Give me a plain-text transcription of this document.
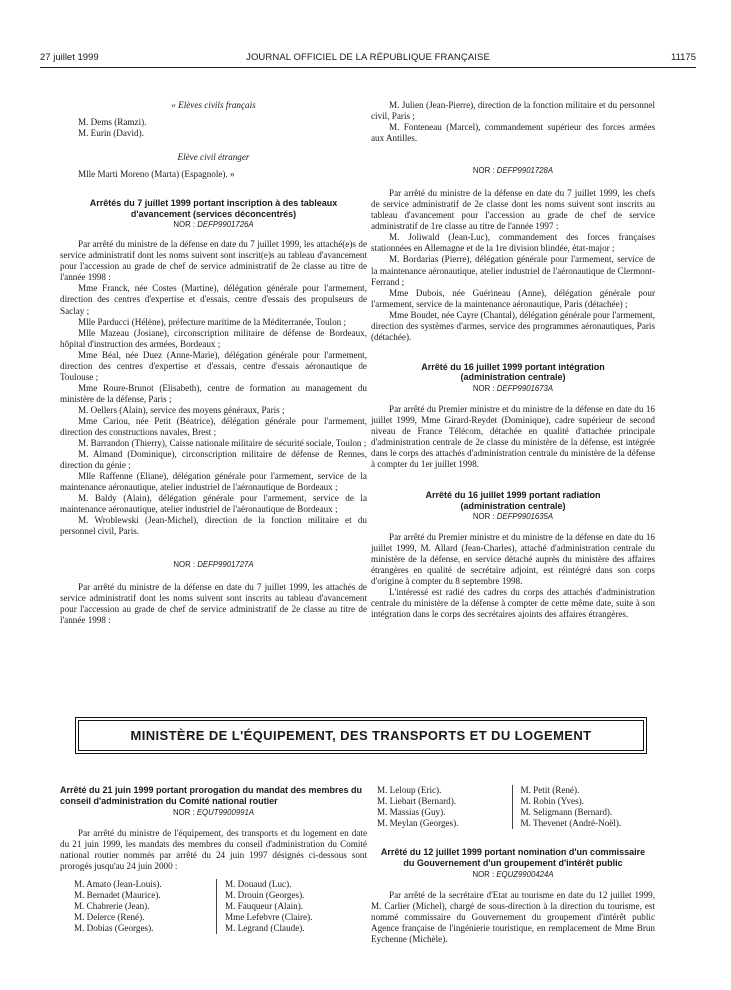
27 juillet 1999	JOURNAL OFFICIEL DE LA RÉPUBLIQUE FRANÇAISE	11175
« Elèves civils français
M. Dems (Ramzi).
M. Eurin (David).
Elève civil étranger
Mlle Marti Moreno (Marta) (Espagnole). »
Arrêtés du 7 juillet 1999 portant inscription à des tableaux d'avancement (services déconcentrés)
NOR : DEFP9901726A
Par arrêté du ministre de la défense en date du 7 juillet 1999, les attaché(e)s de service administratif dont les noms suivent sont inscrit(e)s au tableau d'avancement pour l'accession au grade de chef de service administratif de 2e classe au titre de l'année 1998 :
Mme Franck, née Costes (Martine), délégation générale pour l'armement, direction des centres d'expertise et d'essais, centre d'essais des propulseurs de Saclay ;
Mlle Parducci (Hélène), préfecture maritime de la Méditerranée, Toulon ;
Mlle Mazeau (Josiane), circonscription militaire de défense de Bordeaux, hôpital d'instruction des armées, Bordeaux ;
Mme Béal, née Duez (Anne-Marie), délégation générale pour l'armement, direction des centres d'expertise et d'essais, centre d'essais aéronautique de Toulouse ;
Mme Roure-Brunot (Elisabeth), centre de formation au management du ministère de la défense, Paris ;
M. Oellers (Alain), service des moyens généraux, Paris ;
Mme Cariou, née Petit (Béatrice), délégation générale pour l'armement, direction des constructions navales, Brest ;
M. Barrandon (Thierry), Caisse nationale militaire de sécurité sociale, Toulon ;
M. Almand (Dominique), circonscription militaire de défense de Rennes, direction du génie ;
Mlle Raffenne (Eliane), délégation générale pour l'armement, service de la maintenance aéronautique, atelier industriel de l'aéronautique de Bordeaux ;
M. Baldy (Alain), délégation générale pour l'armement, service de la maintenance aéronautique, atelier industriel de l'aéronautique de Bordeaux ;
M. Wroblewski (Jean-Michel), direction de la fonction militaire et du personnel civil, Paris.
NOR : DEFP9901727A
Par arrêté du ministre de la défense en date du 7 juillet 1999, les attachés de service administratif dont les noms suivent sont inscrits au tableau d'avancement pour l'accession au grade de chef de service administratif de 2e classe au titre de l'année 1998 :
M. Julien (Jean-Pierre), direction de la fonction militaire et du personnel civil, Paris ;
M. Fonteneau (Marcel), commandement supérieur des forces armées aux Antilles.
NOR : DEFP9901728A
Par arrêté du ministre de la défense en date du 7 juillet 1999, les chefs de service administratif de 2e classe dont les noms suivent sont inscrits au tableau d'avancement pour l'accession au grade de chef de service administratif de 1re classe au titre de l'année 1997 :
M. Joliwald (Jean-Luc), commandement des forces françaises stationnées en Allemagne et de la 1re division blindée, état-major ;
M. Bordarias (Pierre), délégation générale pour l'armement, service de la maintenance aéronautique, atelier industriel de l'aéronautique de Clermont-Ferrand ;
Mme Dubois, née Guérineau (Anne), délégation générale pour l'armement, service de la maintenance aéronautique, Paris (détachée) ;
Mme Boudet, née Cayre (Chantal), délégation générale pour l'armement, direction des systèmes d'armes, service des programmes aéronautiques, Paris (détachée).
Arrêté du 16 juillet 1999 portant intégration (administration centrale)
NOR : DEFP9901673A
Par arrêté du Premier ministre et du ministre de la défense en date du 16 juillet 1999, Mme Girard-Reydet (Dominique), cadre supérieur de second niveau de France Télécom, détachée en qualité d'attachée principale d'administration centrale de 2e classe du ministère de la défense, est intégrée dans le corps des attachés d'administration centrale du ministère de la défense à compter du 1er juillet 1998.
Arrêté du 16 juillet 1999 portant radiation (administration centrale)
NOR : DEFP9901635A
Par arrêté du Premier ministre et du ministre de la défense en date du 16 juillet 1999, M. Allard (Jean-Charles), attaché d'administration centrale du ministère de la défense, en service détaché auprès du ministère des affaires étrangères en qualité de secrétaire adjoint, est réintégré dans son corps d'origine à compter du 8 septembre 1998.
L'intéressé est radié des cadres du corps des attachés d'administration centrale du ministère de la défense à compter de cette même date, suite à son intégration dans le corps des secrétaires ajoints des affaires étrangères.
MINISTÈRE DE L'ÉQUIPEMENT, DES TRANSPORTS ET DU LOGEMENT
Arrêté du 21 juin 1999 portant prorogation du mandat des membres du conseil d'administration du Comité national routier
NOR : EQUT9900991A
Par arrêté du ministre de l'équipement, des transports et du logement en date du 21 juin 1999, les mandats des membres du conseil d'administration du Comité national routier nommés par arrêté du 24 juin 1997 désignés ci-dessous sont prorogés jusqu'au 24 juin 2000 :
M. Amato (Jean-Louis).
M. Bernadet (Maurice).
M. Chabrerie (Jean).
M. Delerce (René).
M. Dobias (Georges).
M. Douaud (Luc).
M. Drouin (Georges).
M. Fauqueur (Alain).
Mme Lefebvre (Claire).
M. Legrand (Claude).
M. Leloup (Eric).
M. Liebart (Bernard).
M. Massias (Guy).
M. Meylan (Georges).
M. Petit (René).
M. Robin (Yves).
M. Seligmann (Bernard).
M. Thevenet (André-Noël).
Arrêté du 12 juillet 1999 portant nomination d'un commissaire du Gouvernement d'un groupement d'intérêt public
NOR : EQUZ9900424A
Par arrêté de la secrétaire d'Etat au tourisme en date du 12 juillet 1999, M. Carlier (Michel), chargé de sous-direction à la direction du tourisme, est nommé commissaire du Gouvernement du groupement d'intérêt public Agence française de l'ingénierie touristique, en remplacement de Mme Brun Eychenne (Michèle).
